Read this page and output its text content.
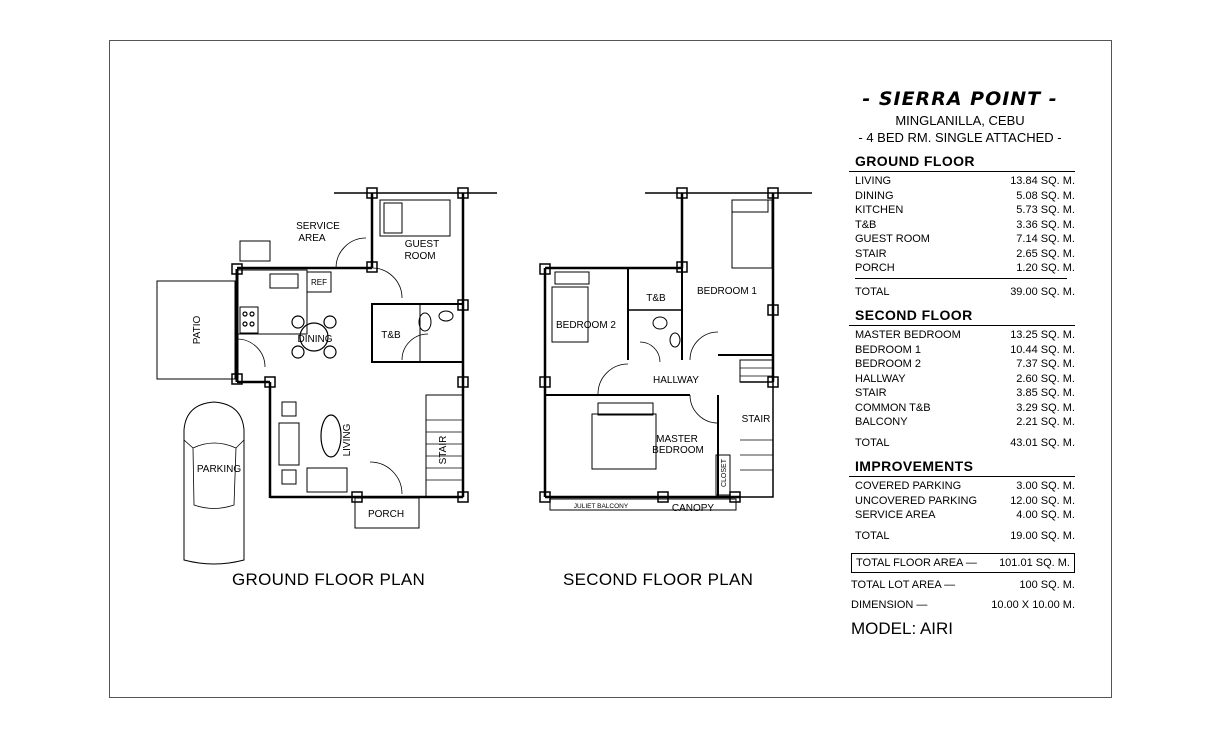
SERVICE
AREA
GUEST
ROOM
REF
PATIO	DINING	T&B
LIVING	STAIR
PARKING
PORCH
T&B
BEDROOM 1
BEDROOM 2
HALLWAY
MASTER
BEDROOM
STAIR
CLOSET
JULIET BALCONY	CANOPY
GROUND FLOOR PLAN	SECOND FLOOR PLAN
- SIERRA POINT -
MINGLANILLA, CEBU
- 4 BED RM. SINGLE ATTACHED -
GROUND FLOOR
LIVING	13.84 SQ. M.
DINING	5.08 SQ. M.
KITCHEN	5.73 SQ. M.
T&B	3.36 SQ. M.
GUEST ROOM	7.14 SQ. M.
STAIR	2.65 SQ. M.
PORCH	1.20 SQ. M.
TOTAL	39.00 SQ. M.
SECOND FLOOR
MASTER BEDROOM	13.25 SQ. M.
BEDROOM 1	10.44 SQ. M.
BEDROOM 2	7.37 SQ. M.
HALLWAY	2.60 SQ. M.
STAIR	3.85 SQ. M.
COMMON T&B	3.29 SQ. M.
BALCONY	2.21 SQ. M.
TOTAL	43.01 SQ. M.
IMPROVEMENTS
COVERED PARKING	3.00 SQ. M.
UNCOVERED PARKING	12.00 SQ. M.
SERVICE AREA	4.00 SQ. M.
TOTAL	19.00 SQ. M.
TOTAL FLOOR AREA — 101.01 SQ. M.
TOTAL LOT AREA —	100 SQ. M.
DIMENSION —	10.00 X 10.00 M.
MODEL: AIRI
